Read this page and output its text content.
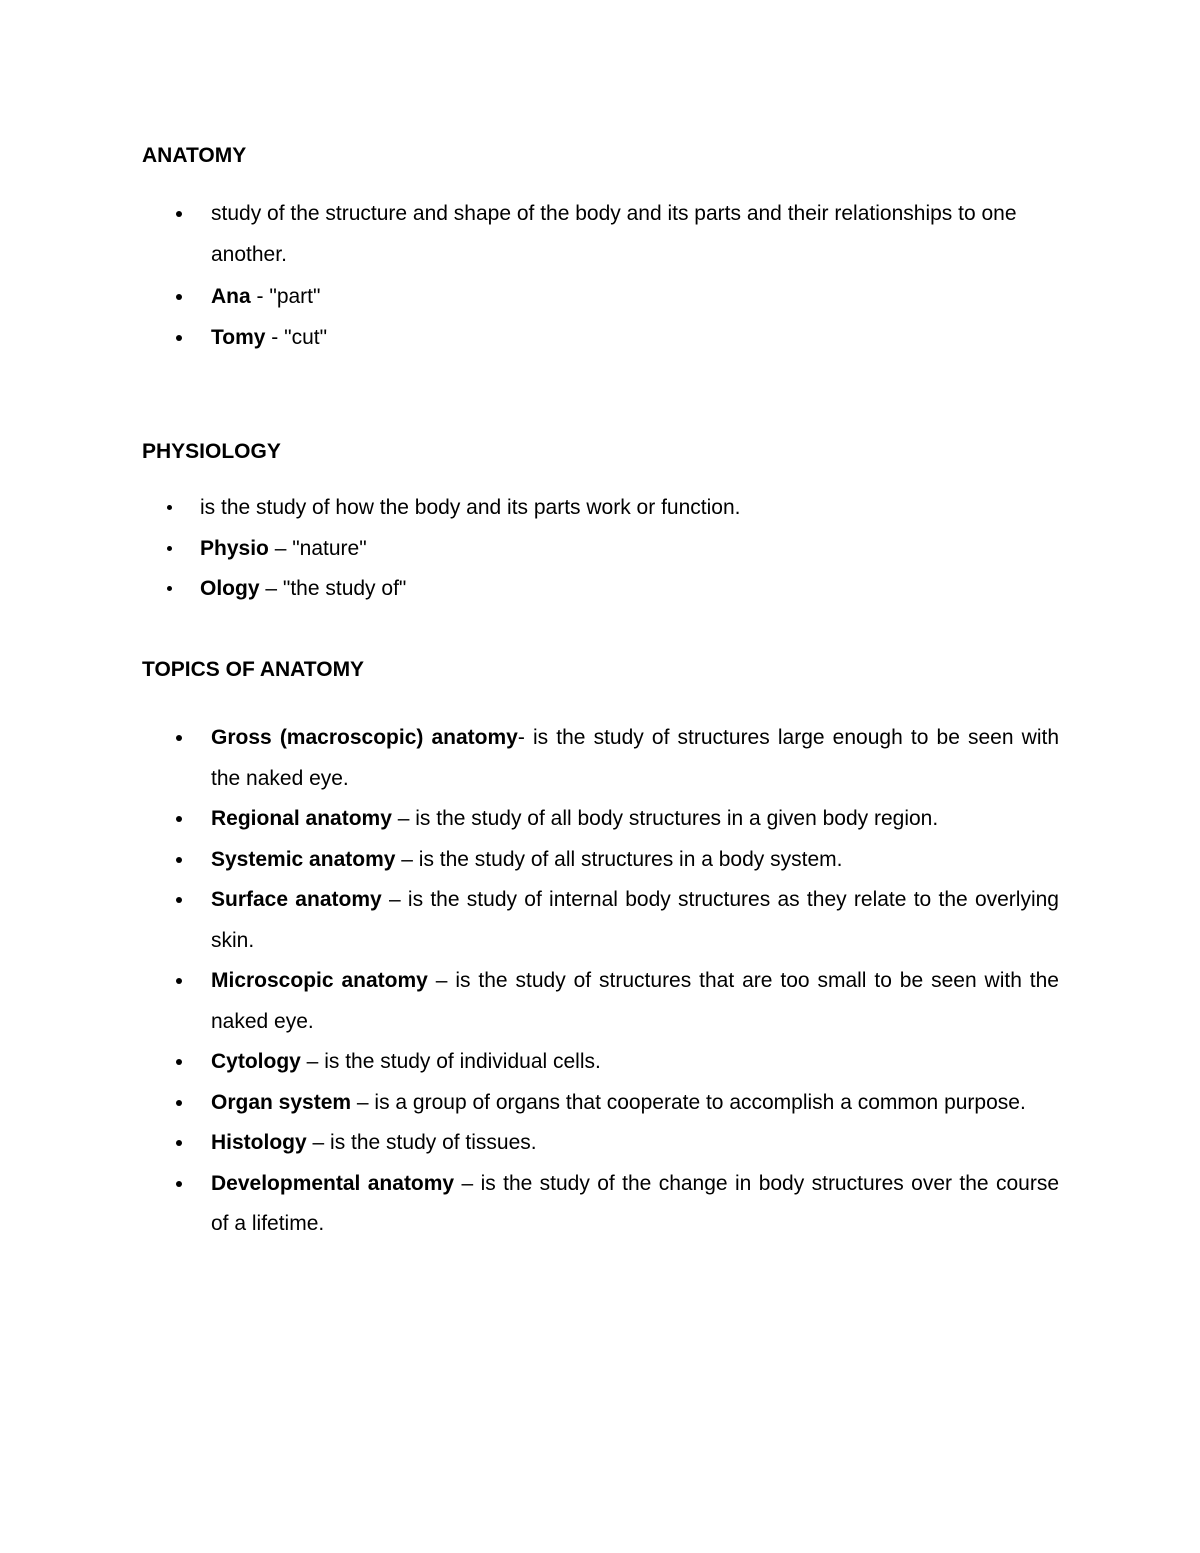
ANATOMY
study of the structure and shape of the body and its parts and their relationships to one another.
Ana - "part"
Tomy - "cut"
PHYSIOLOGY
is the study of how the body and its parts work or function.
Physio – "nature"
Ology – "the study of"
TOPICS OF ANATOMY
Gross (macroscopic) anatomy- is the study of structures large enough to be seen with the naked eye.
Regional anatomy – is the study of all body structures in a given body region.
Systemic anatomy – is the study of all structures in a body system.
Surface anatomy – is the study of internal body structures as they relate to the overlying skin.
Microscopic anatomy – is the study of structures that are too small to be seen with the naked eye.
Cytology – is the study of individual cells.
Organ system – is a group of organs that cooperate to accomplish a common purpose.
Histology – is the study of tissues.
Developmental anatomy – is the study of the change in body structures over the course of a lifetime.
